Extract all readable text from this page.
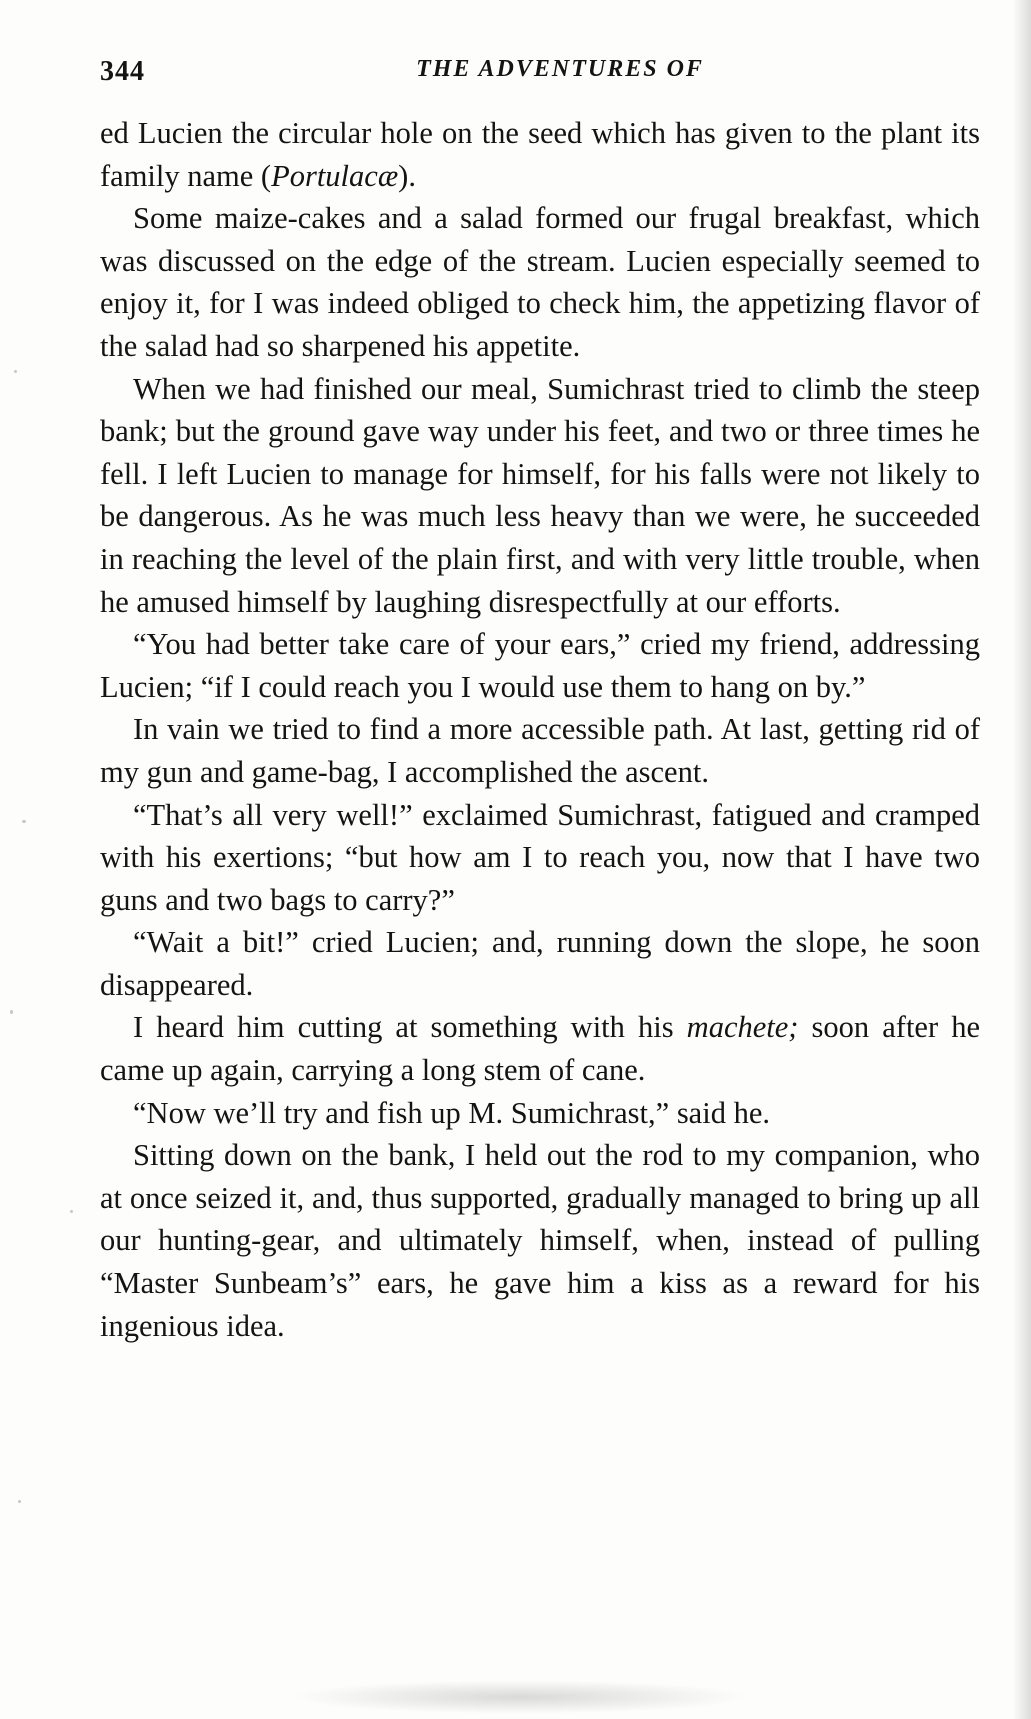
344	THE ADVENTURES OF

ed Lucien the circular hole on the seed which has given to the plant its family name (Portulacæ).

Some maize-cakes and a salad formed our frugal breakfast, which was discussed on the edge of the stream. Lucien especially seemed to enjoy it, for I was indeed obliged to check him, the appetizing flavor of the salad had so sharpened his appetite.

When we had finished our meal, Sumichrast tried to climb the steep bank; but the ground gave way under his feet, and two or three times he fell. I left Lucien to manage for himself, for his falls were not likely to be dangerous. As he was much less heavy than we were, he succeeded in reaching the level of the plain first, and with very little trouble, when he amused himself by laughing disrespectfully at our efforts.

“You had better take care of your ears,” cried my friend, addressing Lucien; “if I could reach you I would use them to hang on by.”

In vain we tried to find a more accessible path. At last, getting rid of my gun and game-bag, I accomplished the ascent.

“That’s all very well!” exclaimed Sumichrast, fatigued and cramped with his exertions; “but how am I to reach you, now that I have two guns and two bags to carry?”

“Wait a bit!” cried Lucien; and, running down the slope, he soon disappeared.

I heard him cutting at something with his machete; soon after he came up again, carrying a long stem of cane.

“Now we’ll try and fish up M. Sumichrast,” said he.

Sitting down on the bank, I held out the rod to my companion, who at once seized it, and, thus supported, gradually managed to bring up all our hunting-gear, and ultimately himself, when, instead of pulling “Master Sunbeam’s” ears, he gave him a kiss as a reward for his ingenious idea.
